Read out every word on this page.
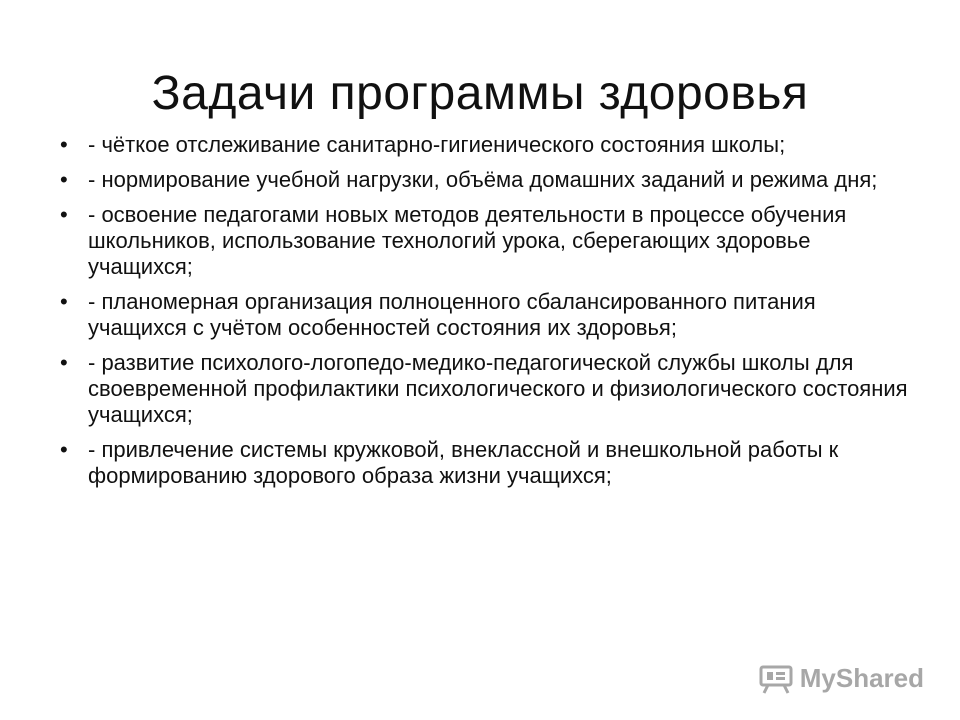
Задачи программы здоровья
• - чёткое отслеживание санитарно-гигиенического состояния школы;
• - нормирование учебной нагрузки, объёма домашних заданий и режима дня;
• - освоение педагогами новых методов деятельности в процессе обучения школьников, использование технологий урока, сберегающих здоровье учащихся;
• - планомерная организация полноценного сбалансированного питания учащихся с учётом особенностей состояния их здоровья;
• - развитие психолого-логопедо-медико-педагогической службы школы для своевременной профилактики психологического и физиологического состояния учащихся;
• - привлечение системы кружковой, внеклассной и внешкольной работы к формированию здорового образа жизни учащихся;
MyShared
